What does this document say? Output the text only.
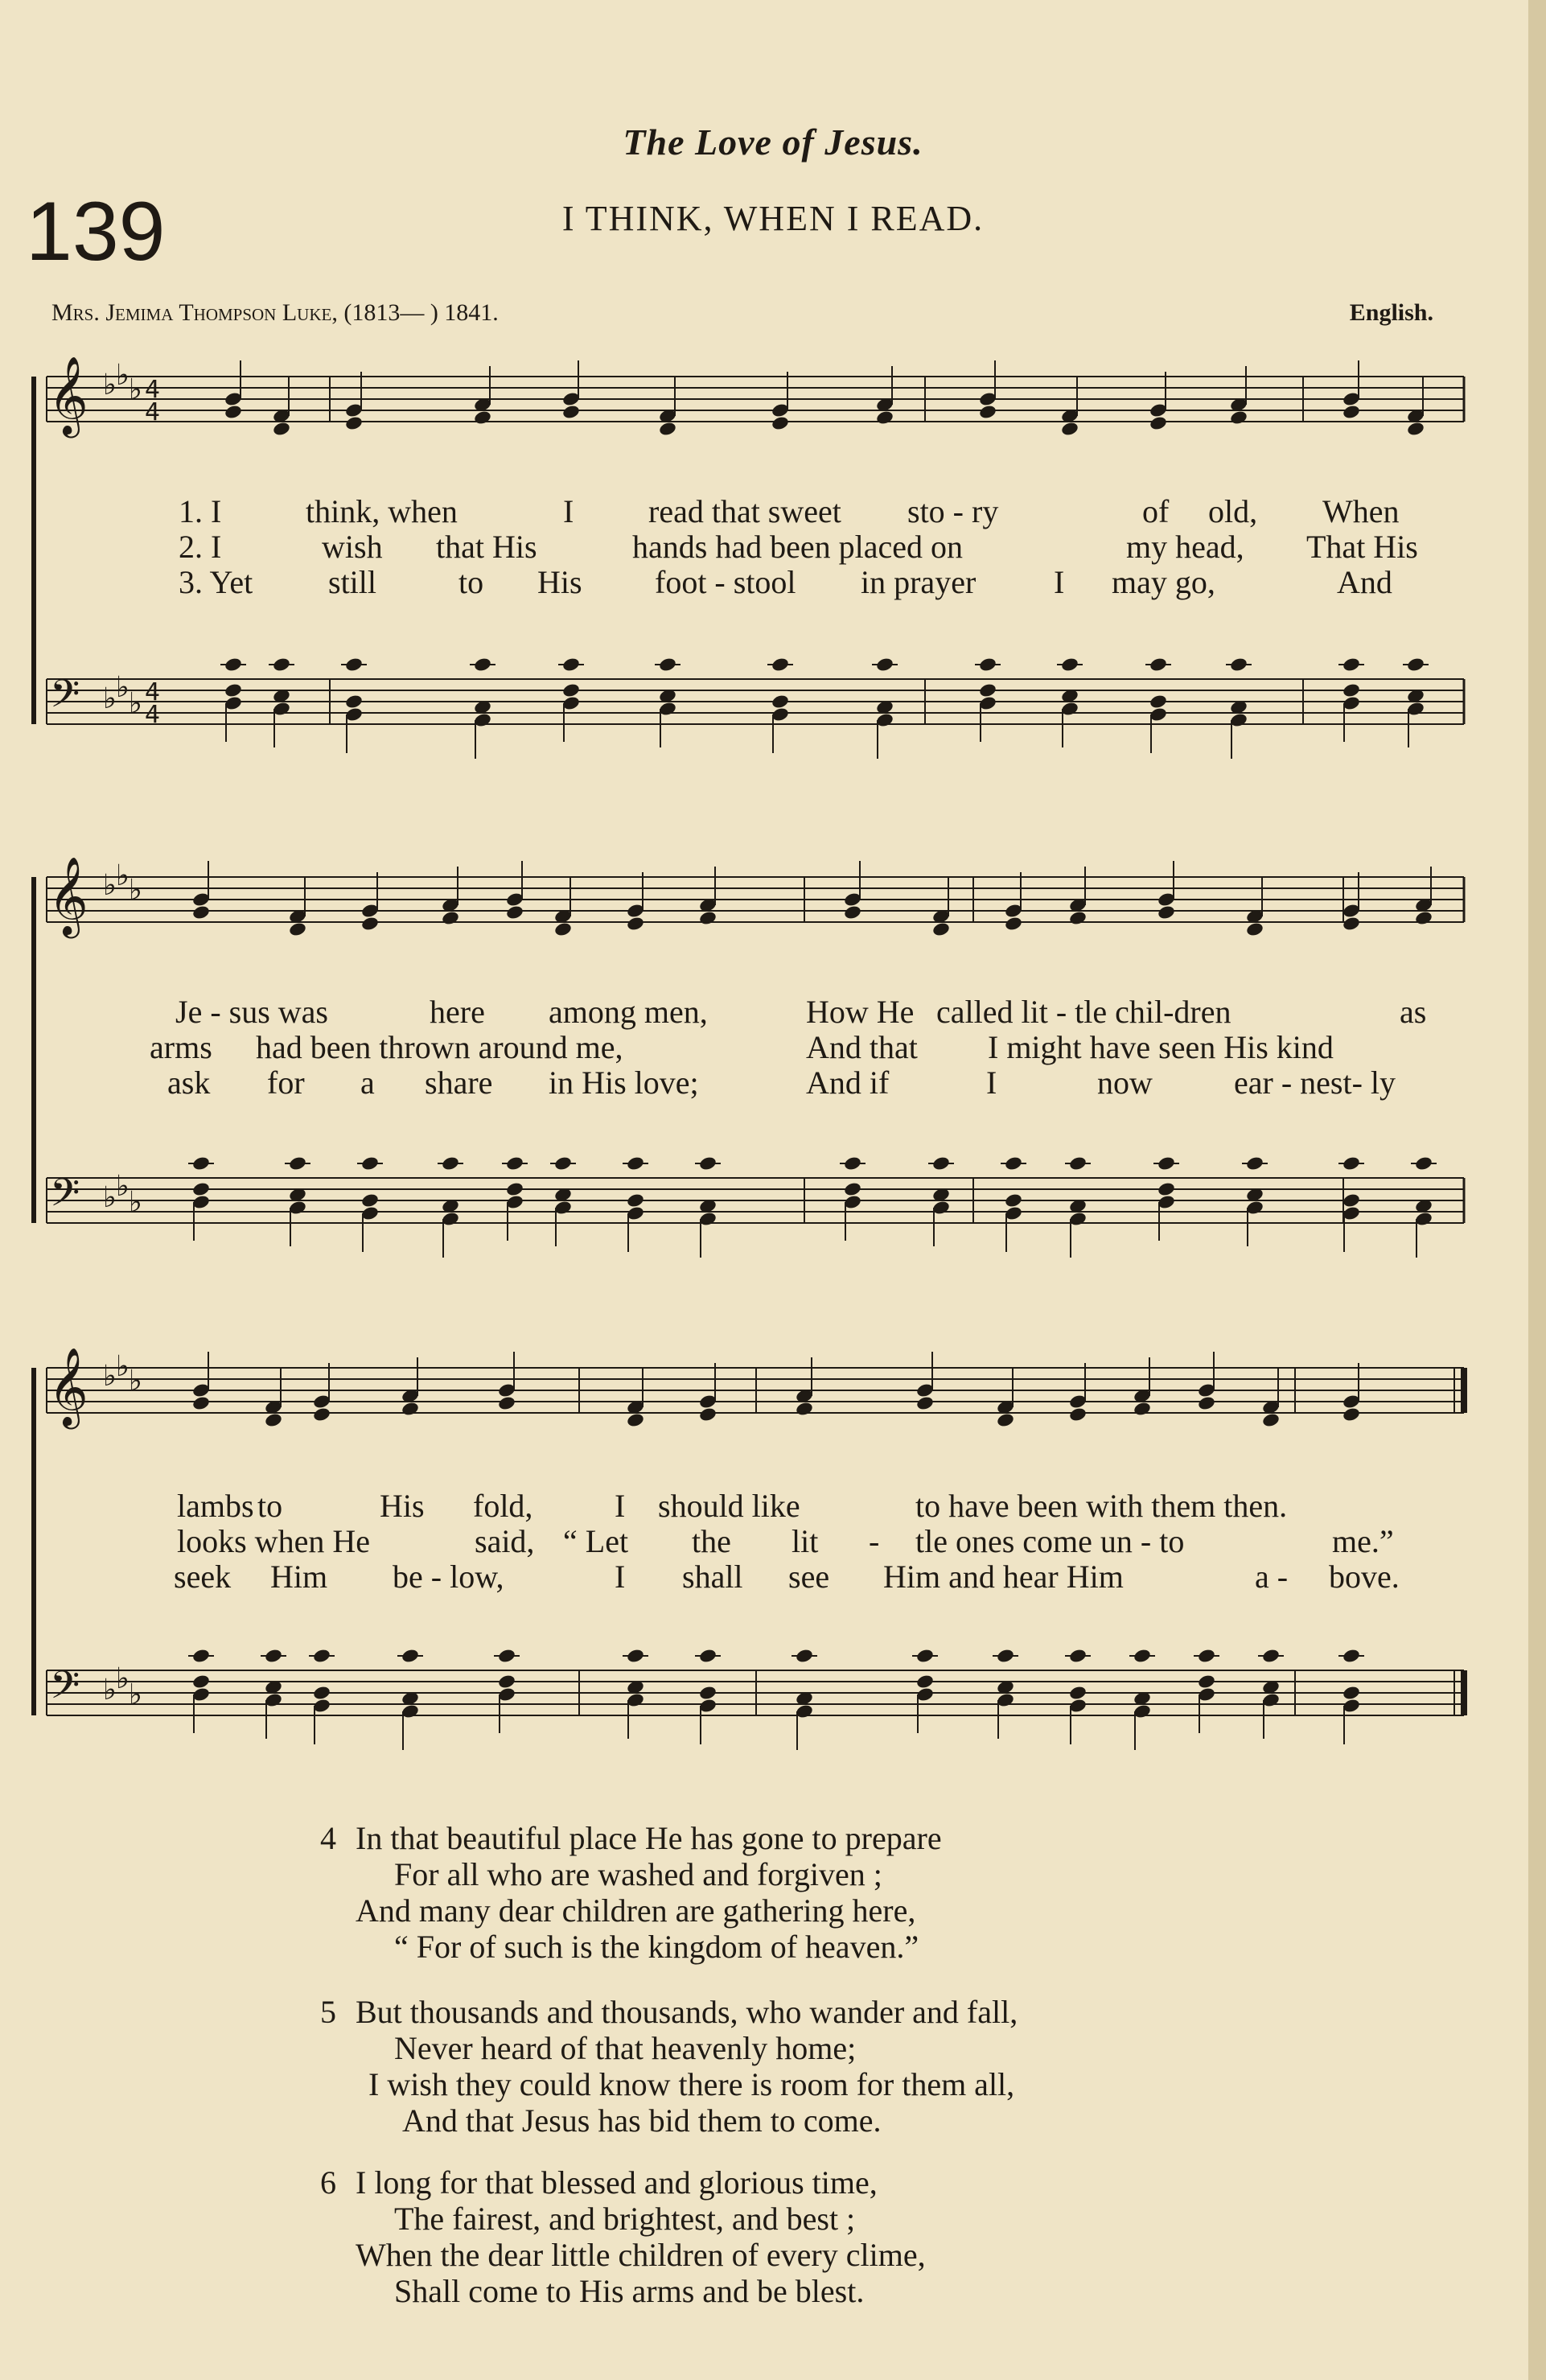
The Love of Jesus.
139	I THINK, WHEN I READ.
Mrs. Jemima Thompson Luke, (1813— ) 1841.	English.
𝄞 ♭ ♭ ♭ 4
4
𝄢 ♭ ♭ ♭ 4
4
𝄞 ♭ ♭ ♭
𝄢 ♭ ♭ ♭
𝄞 ♭ ♭ ♭
𝄢 ♭ ♭ ♭
1. I	think, when	I read that sweet sto - ry	of old, When
2. I	wish that His	hands had been placed on	my head, That His
3. Yet still	to His foot - stool in prayer I may go,	And
Je - sus was	here among men,	How He called lit - tle chil-dren	as
arms had been thrown around me,	And that I might have seen His kind
ask for a share in His love;	And if	I	now	ear - nest- ly
lambs to	His fold,	I should like	to have been with them then.
looks when He	said, “ Let the lit - tle ones come un - to	me.”
seek Him be - low,	I shall see Him and hear Him	a - bove.
4 In that beautiful place He has gone to prepare
For all who are washed and forgiven ;
And many dear children are gathering here,
“ For of such is the kingdom of heaven.”
5 But thousands and thousands, who wander and fall,
Never heard of that heavenly home;
I wish they could know there is room for them all,
And that Jesus has bid them to come.
6 I long for that blessed and glorious time,
The fairest, and brightest, and best ;
When the dear little children of every clime,
Shall come to His arms and be blest.
